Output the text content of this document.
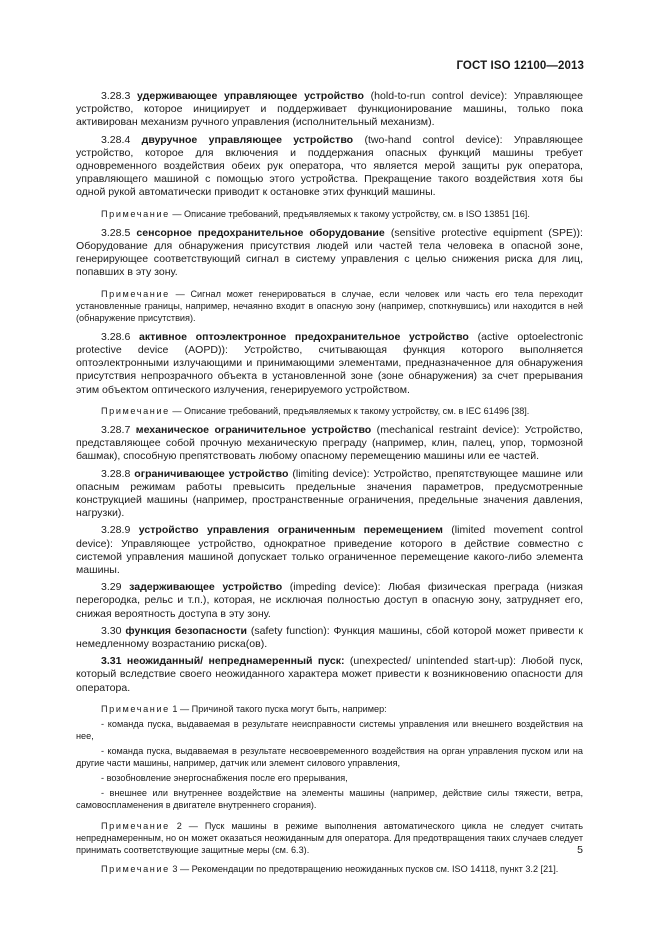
ГОСТ ISO 12100—2013

3.28.3 удерживающее управляющее устройство (hold-to-run control device): Управляющее устройство, которое инициирует и поддерживает функционирование машины, только пока активирован механизм ручного управления (исполнительный механизм).

3.28.4 двуручное управляющее устройство (two-hand control device): Управляющее устройство, которое для включения и поддержания опасных функций машины требует одновременного воздействия обеих рук оператора, что является мерой защиты рук оператора, управляющего машиной с помощью этого устройства. Прекращение такого воздействия хотя бы одной рукой автоматически приводит к остановке этих функций машины.

Примечание — Описание требований, предъявляемых к такому устройству, см. в ISO 13851 [16].

3.28.5 сенсорное предохранительное оборудование (sensitive protective equipment (SPE)): Оборудование для обнаружения присутствия людей или частей тела человека в опасной зоне, генерирующее соответствующий сигнал в систему управления с целью снижения риска для лиц, попавших в эту зону.

Примечание — Сигнал может генерироваться в случае, если человек или часть его тела переходит установленные границы, например, нечаянно входит в опасную зону (например, споткнувшись) или находится в ней (обнаружение присутствия).

3.28.6 активное оптоэлектронное предохранительное устройство (active optoelectronic protective device (AOPD)): Устройство, считывающая функция которого выполняется оптоэлектронными излучающими и принимающими элементами, предназначенное для обнаружения присутствия непрозрачного объекта в установленной зоне (зоне обнаружения) за счет прерывания этим объектом оптического излучения, генерируемого устройством.

Примечание — Описание требований, предъявляемых к такому устройству, см. в IEC 61496 [38].

3.28.7 механическое ограничительное устройство (mechanical restraint device): Устройство, представляющее собой прочную механическую преграду (например, клин, палец, упор, тормозной башмак), способную препятствовать любому опасному перемещению машины или ее частей.

3.28.8 ограничивающее устройство (limiting device): Устройство, препятствующее машине или опасным режимам работы превысить предельные значения параметров, предусмотренные конструкцией машины (например, пространственные ограничения, предельные значения давления, нагрузки).

3.28.9 устройство управления ограниченным перемещением (limited movement control device): Управляющее устройство, однократное приведение которого в действие совместно с системой управления машиной допускает только ограниченное перемещение какого-либо элемента машины.

3.29 задерживающее устройство (impeding device): Любая физическая преграда (низкая перегородка, рельс и т.п.), которая, не исключая полностью доступ в опасную зону, затрудняет его, снижая вероятность доступа в эту зону.

3.30 функция безопасности (safety function): Функция машины, сбой которой может привести к немедленному возрастанию риска(ов).

3.31 неожиданный/ непреднамеренный пуск: (unexpected/ unintended start-up): Любой пуск, который вследствие своего неожиданного характера может привести к возникновению опасности для оператора.

Примечание 1 — Причиной такого пуска могут быть, например:

- команда пуска, выдаваемая в результате неисправности системы управления или внешнего воздействия на нее,

- команда пуска, выдаваемая в результате несвоевременного воздействия на орган управления пуском или на другие части машины, например, датчик или элемент силового управления,

- возобновление энергоснабжения после его прерывания,

- внешнее или внутреннее воздействие на элементы машины (например, действие силы тяжести, ветра, самовоспламенения в двигателе внутреннего сгорания).

Примечание 2 — Пуск машины в режиме выполнения автоматического цикла не следует считать непреднамеренным, но он может оказаться неожиданным для оператора. Для предотвращения таких случаев следует принимать соответствующие защитные меры (см. 6.3).

Примечание 3 — Рекомендации по предотвращению неожиданных пусков см. ISO 14118, пункт 3.2 [21].

5
